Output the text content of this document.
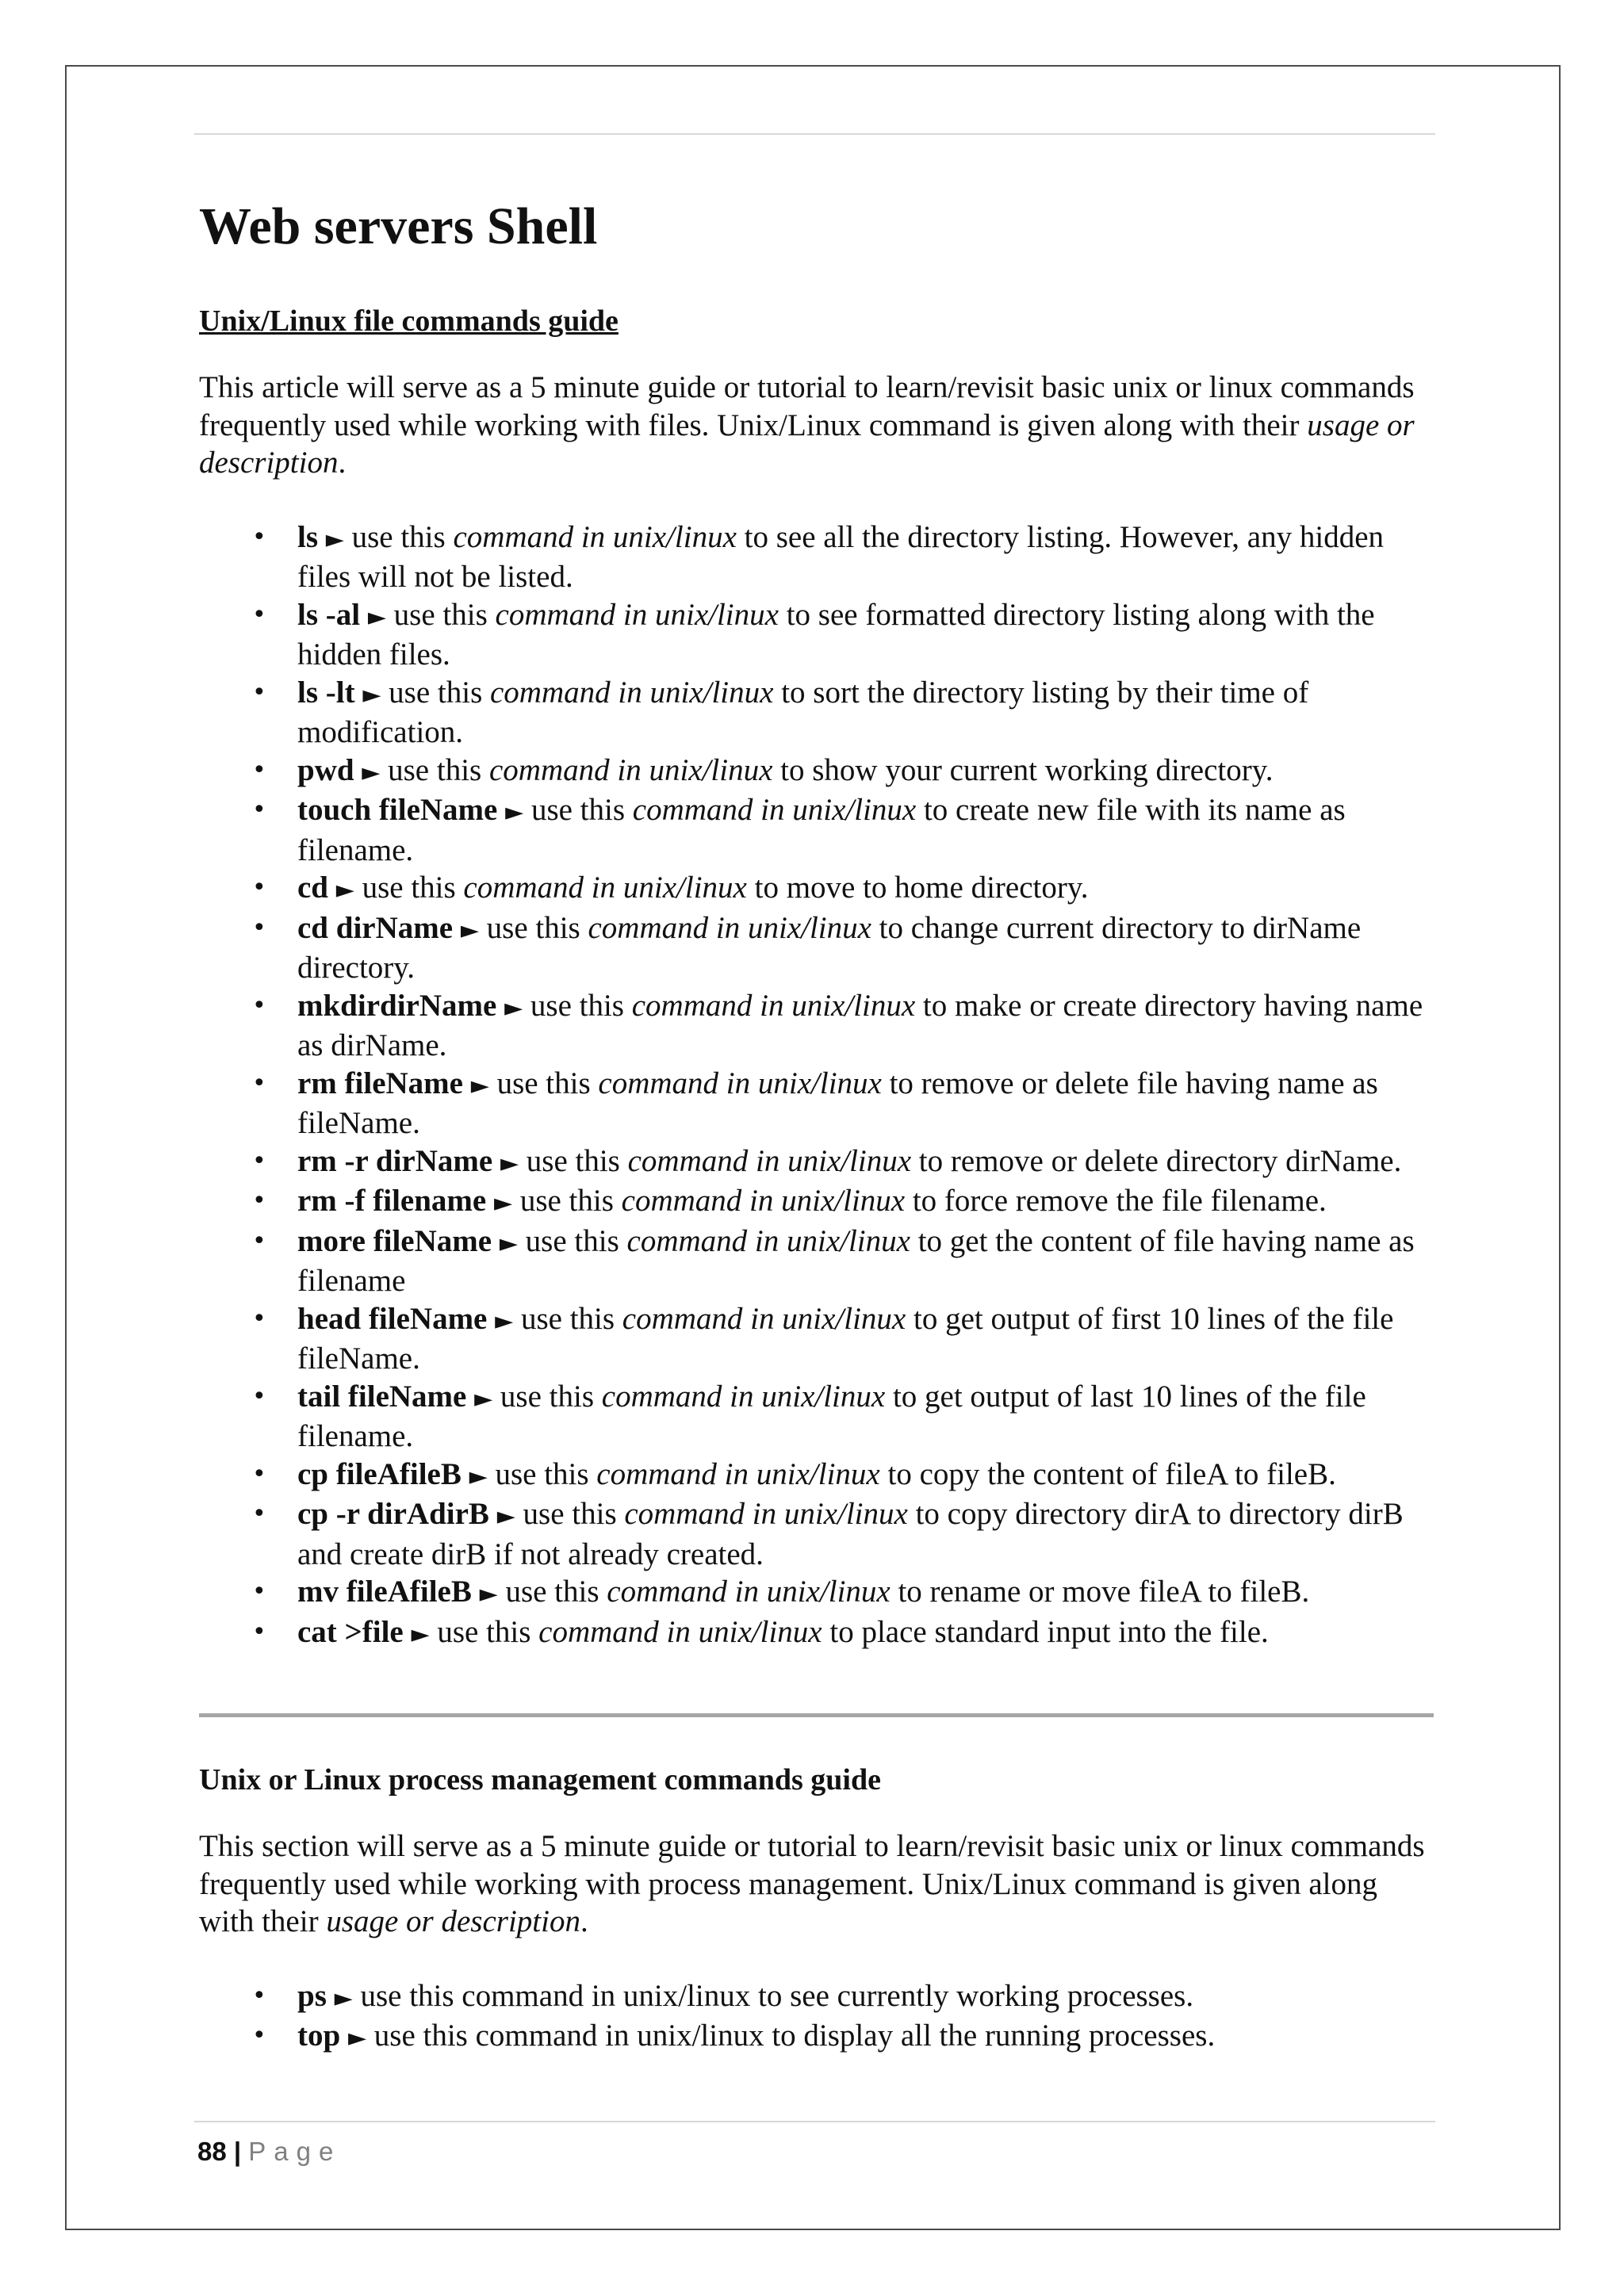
Web servers Shell
Unix/Linux file commands guide

This article will serve as a 5 minute guide or tutorial to learn/revisit basic unix or linux commands frequently used while working with files. Unix/Linux command is given along with their usage or description.

• ls ► use this command in unix/linux to see all the directory listing. However, any hidden files will not be listed.
• ls -al ► use this command in unix/linux to see formatted directory listing along with the hidden files.
• ls -lt ► use this command in unix/linux to sort the directory listing by their time of modification.
• pwd ► use this command in unix/linux to show your current working directory.
• touch fileName ► use this command in unix/linux to create new file with its name as filename.
• cd ► use this command in unix/linux to move to home directory.
• cd dirName ► use this command in unix/linux to change current directory to dirName directory.
• mkdirdirName ► use this command in unix/linux to make or create directory having name as dirName.
• rm fileName ► use this command in unix/linux to remove or delete file having name as fileName.
• rm -r dirName ► use this command in unix/linux to remove or delete directory dirName.
• rm -f filename ► use this command in unix/linux to force remove the file filename.
• more fileName ► use this command in unix/linux to get the content of file having name as filename
• head fileName ► use this command in unix/linux to get output of first 10 lines of the file fileName.
• tail fileName ► use this command in unix/linux to get output of last 10 lines of the file filename.
• cp fileAfileB ► use this command in unix/linux to copy the content of fileA to fileB.
• cp -r dirAdirB ► use this command in unix/linux to copy directory dirA to directory dirB and create dirB if not already created.
• mv fileAfileB ► use this command in unix/linux to rename or move fileA to fileB.
• cat >file ► use this command in unix/linux to place standard input into the file.
Unix or Linux process management commands guide

This section will serve as a 5 minute guide or tutorial to learn/revisit basic unix or linux commands frequently used while working with process management. Unix/Linux command is given along with their usage or description.

• ps ► use this command in unix/linux to see currently working processes.
• top ► use this command in unix/linux to display all the running processes.
88 | Page
